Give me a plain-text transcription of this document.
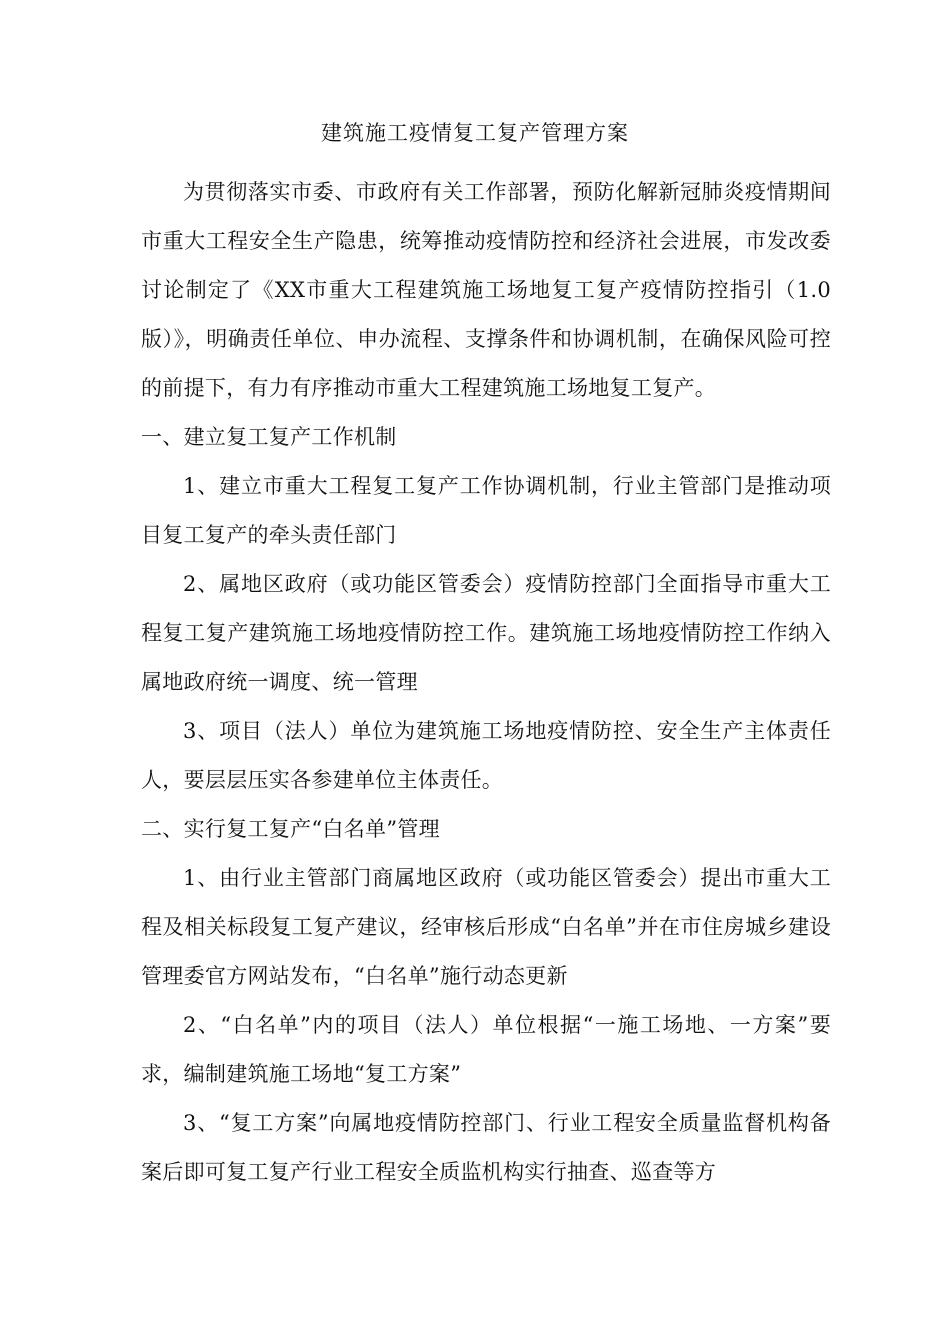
建筑施工疫情复工复产管理方案

为贯彻落实市委、市政府有关工作部署，预防化解新冠肺炎疫情期间市重大工程安全生产隐患，统筹推动疫情防控和经济社会进展，市发改委讨论制定了《XX市重大工程建筑施工场地复工复产疫情防控指引（1.0版）》，明确责任单位、申办流程、支撑条件和协调机制，在确保风险可控的前提下，有力有序推动市重大工程建筑施工场地复工复产。

一、建立复工复产工作机制

1、建立市重大工程复工复产工作协调机制，行业主管部门是推动项目复工复产的牵头责任部门

2、属地区政府（或功能区管委会）疫情防控部门全面指导市重大工程复工复产建筑施工场地疫情防控工作。建筑施工场地疫情防控工作纳入属地政府统一调度、统一管理

3、项目（法人）单位为建筑施工场地疫情防控、安全生产主体责任人，要层层压实各参建单位主体责任。

二、实行复工复产“白名单”管理

1、由行业主管部门商属地区政府（或功能区管委会）提出市重大工程及相关标段复工复产建议，经审核后形成“白名单”并在市住房城乡建设管理委官方网站发布，“白名单”施行动态更新

2、“白名单”内的项目（法人）单位根据“一施工场地、一方案”要求，编制建筑施工场地“复工方案”

3、“复工方案”向属地疫情防控部门、行业工程安全质量监督机构备案后即可复工复产行业工程安全质监机构实行抽查、巡查等方
